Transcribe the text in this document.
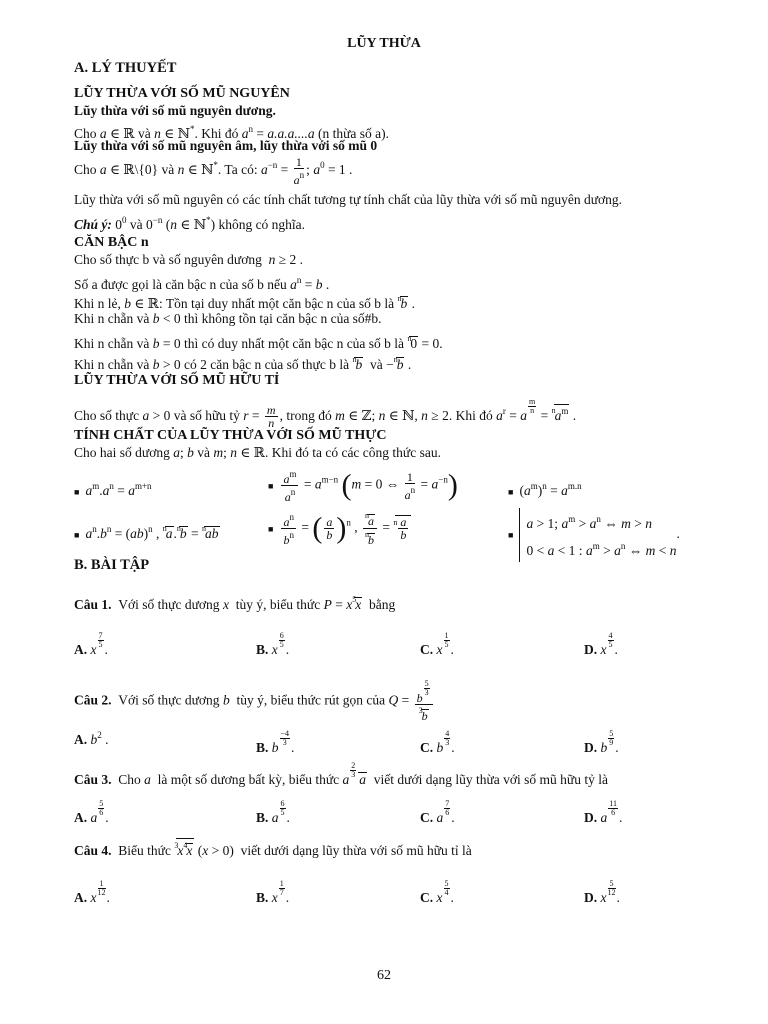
LŨY THỪA
A. LÝ THUYẾT
LŨY THỪA VỚI SỐ MŨ NGUYÊN
Lũy thừa với số mũ nguyên dương.
Cho a ∈ ℝ và n ∈ ℕ*. Khi đó $a^n = a.a.a....a$ (n thừa số a).
Lũy thừa với số mũ nguyên âm, lũy thừa với số mũ 0
Cho a ∈ ℝ\{0} và n ∈ ℕ*. Ta có: $a^{-n} = \frac{1}{a^n}$ ; $a^0 = 1$ .
Lũy thừa với số mũ nguyên có các tính chất tương tự tính chất của lũy thừa với số mũ nguyên dương.
Chú ý: $0^0$ và $0^{-n}$ (n ∈ ℕ*) không có nghĩa.
CĂN BẬC n
Cho số thực b và số nguyên dương n ≥ 2 .
Số a được gọi là căn bậc n của số b nếu $a^n = b$ .
Khi n lẻ, b ∈ ℝ: Tồn tại duy nhất một căn bậc n của số b là $^n$b .
Khi n chẵn và b < 0 thì không tồn tại căn bậc n của số#b.
Khi n chẵn và b = 0 thì có duy nhất một căn bậc n của số b là $^n$0 = 0.
Khi n chẵn và b > 0 có 2 căn bậc n của số thực b là $^n$b và −$^n$b .
LŨY THỪA VỚI SỐ MŨ HỮU TỈ
Cho số thực a > 0 và số hữu tỷ $r = \frac{m}{n}$ , trong đó m ∈ ℤ; n ∈ ℕ, n ≥ 2. Khi đó $a^r = a$
$\frac{m}{n}$
= $^na^m$ .
TÍNH CHẤT CỦA LŨY THỪA VỚI SỐ MŨ THỰC
Cho hai số dương a; b và m; n ∈ ℝ. Khi đó ta có các công thức sau.
■ $a^m.a^n = a^{m+n}$	■ $\frac{a^m}{a^n} = a^{m-n}$ (m = 0 ⇔ $\frac{1}{a^n} = a^{-n}$)	■ $(a^m)^n = a^{m.n}$
■ $a^n.b^n = (ab)^n$ , $^n$a.$^n$b = $^n$ab	■ $\frac{a^n}{b^n}$ = ( $\frac{a}{b} )^n$ , $\frac{^na}{^nb} = ^n \frac{a}{b}$	■a > 1; $a^m > a^n$ ⇔ m > n
0 < a < 1 : $a^m > a^n$ ⇔ m < n.
B. BÀI TẬP
Câu 1. Với số thực dương x tùy ý, biểu thức $P = x^5x$ bằng
A. x
$\frac{7}{5}$
.	B. x
$\frac{6}{5}$
.	C. x
$\frac{1}{5}$
.	D. x
$\frac{4}{5}$
.
Câu 2. Với số thực dương b tùy ý, biểu thức rút gọn của Q = b
$\frac{5}{3}$
$^3$b
A. $b^2$ .
B. b
$\frac{-4}{3}$
.	C. b
$\frac{4}{3}$
.	D. b
$\frac{5}{9}$
.
Câu 3. Cho a là một số dương bất kỳ, biểu thức a
$\frac{2}{3}$
a viết dưới dạng lũy thừa với số mũ hữu tỷ là
A. a
$\frac{5}{6}$
.	B. a
$\frac{6}{5}$
.	C. a
$\frac{7}{6}$
.	D. a
$\frac{11}{6}$
.
Câu 4. Biểu thức $^3x^4x$ (x > 0)  viết dưới dạng lũy thừa với số mũ hữu tỉ là
A. x
$\frac{1}{12}$
.	B. x
$\frac{1}{7}$
.	C. x
$\frac{5}{4}$
.	D. x
$\frac{5}{12}$
.
62
